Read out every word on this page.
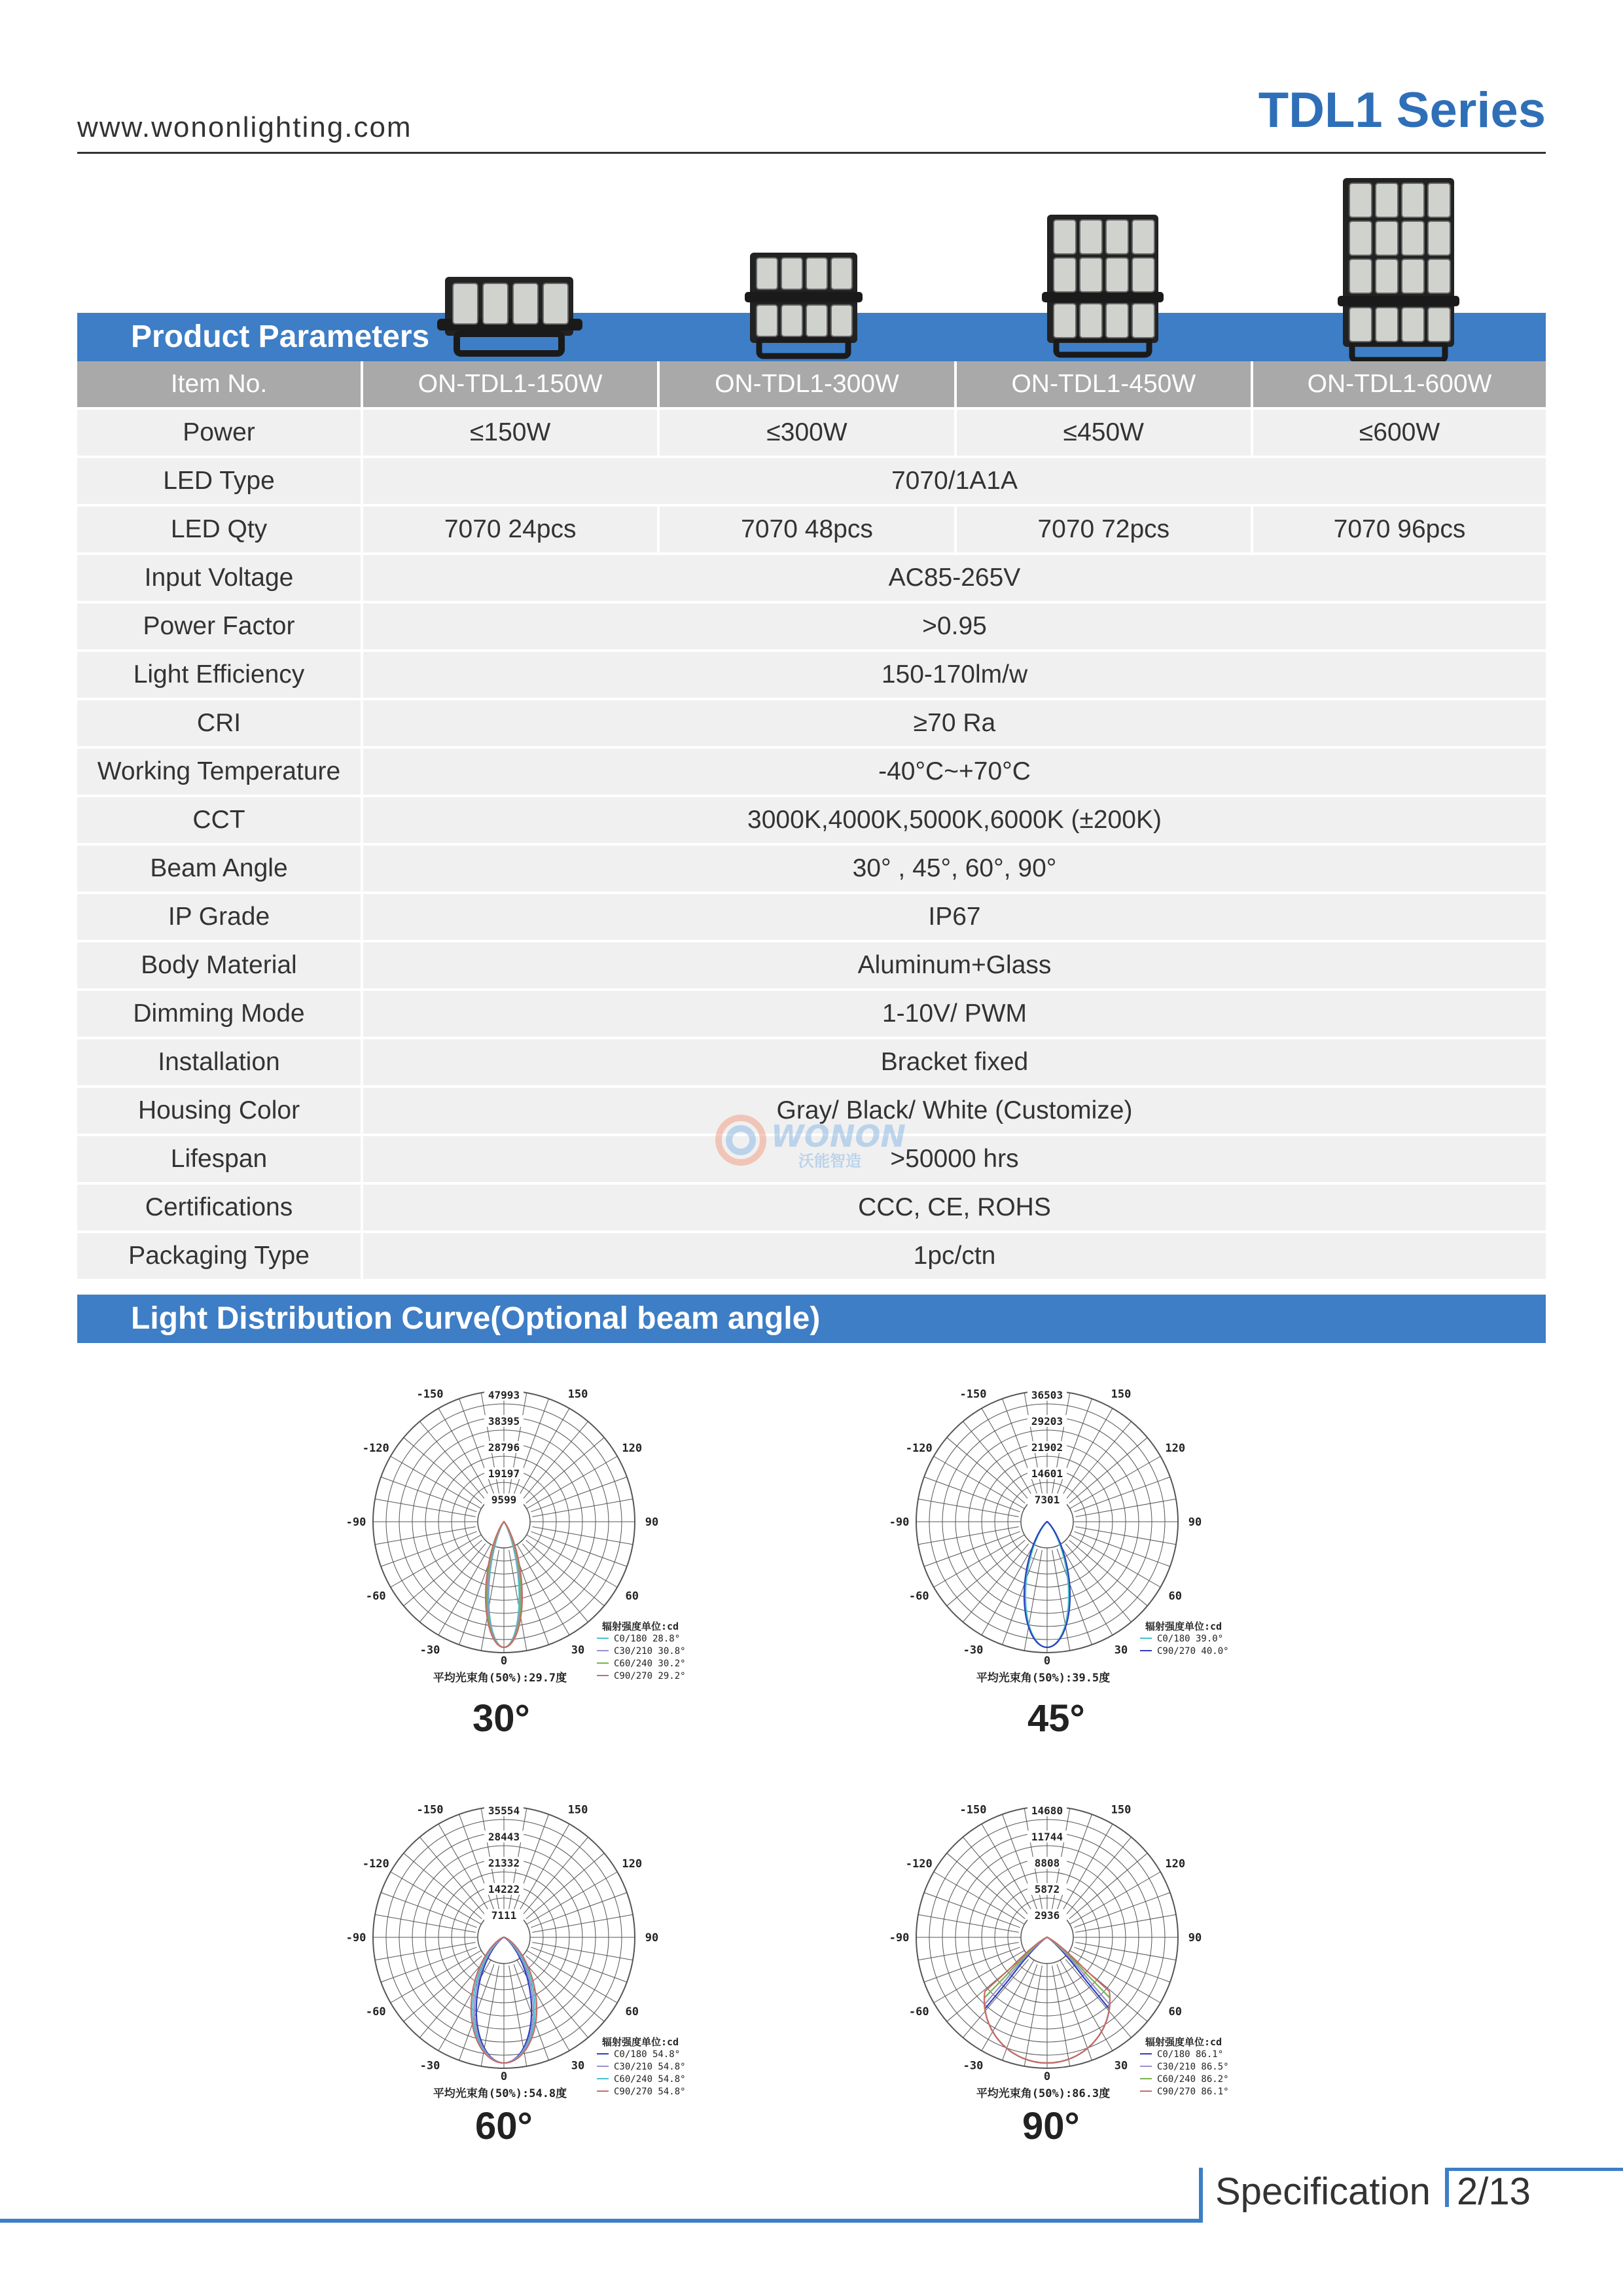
www.wononlighting.com	TDL1 Series
Product Parameters
Item No.	ON-TDL1-150W	ON-TDL1-300W	ON-TDL1-450W	ON-TDL1-600W
Power	≤150W	≤300W	≤450W	≤600W
LED Type	7070/1A1A			
LED Qty	7070 24pcs	7070 48pcs	7070 72pcs	7070 96pcs
Input Voltage	AC85-265V			
Power Factor	>0.95			
Light Efficiency	150-170lm/w			
CRI	≥70 Ra			
Working Temperature	-40°C~+70°C			
CCT	3000K,4000K,5000K,6000K (±200K)			
Beam Angle	30° , 45°, 60°, 90°			
IP Grade	IP67			
Body Material	Aluminum+Glass			
Dimming Mode	1-10V/ PWM			
Installation	Bracket fixed			
Housing Color	Gray/ Black/ White (Customize)			
Lifespan	>50000 hrs			
Certifications	CCC, CE, ROHS			
Packaging Type	1pc/ctn			
WONON
沃能智造
Light Distribution Curve(Optional beam angle)
-150	150
-120	120
-90	90
-60	60
-30	30
0
47993
38395
28796
19197
9599
辐射强度单位:cd
C0/180 28.8°
C30/210 30.8°
C60/240 30.2°
C90/270 29.2°
平均光束角(50%):29.7度
-150	150
-120	120
-90	90
-60	60
-30	30
0
36503
29203
21902
14601
7301
辐射强度单位:cd
C0/180 39.0°
C90/270 40.0°
平均光束角(50%):39.5度
-150	150
-120	120
-90	90
-60	60
-30	30
0
35554
28443
21332
14222
7111
辐射强度单位:cd
C0/180 54.8°
C30/210 54.8°
C60/240 54.8°
C90/270 54.8°
平均光束角(50%):54.8度
-150	150
-120	120
-90	90
-60	60
-30	30
0
14680
11744
8808
5872
2936
辐射强度单位:cd
C0/180 86.1°
C30/210 86.5°
C60/240 86.2°
C90/270 86.1°
平均光束角(50%):86.3度
30°	45°
60°	90°
Specification 2/13
